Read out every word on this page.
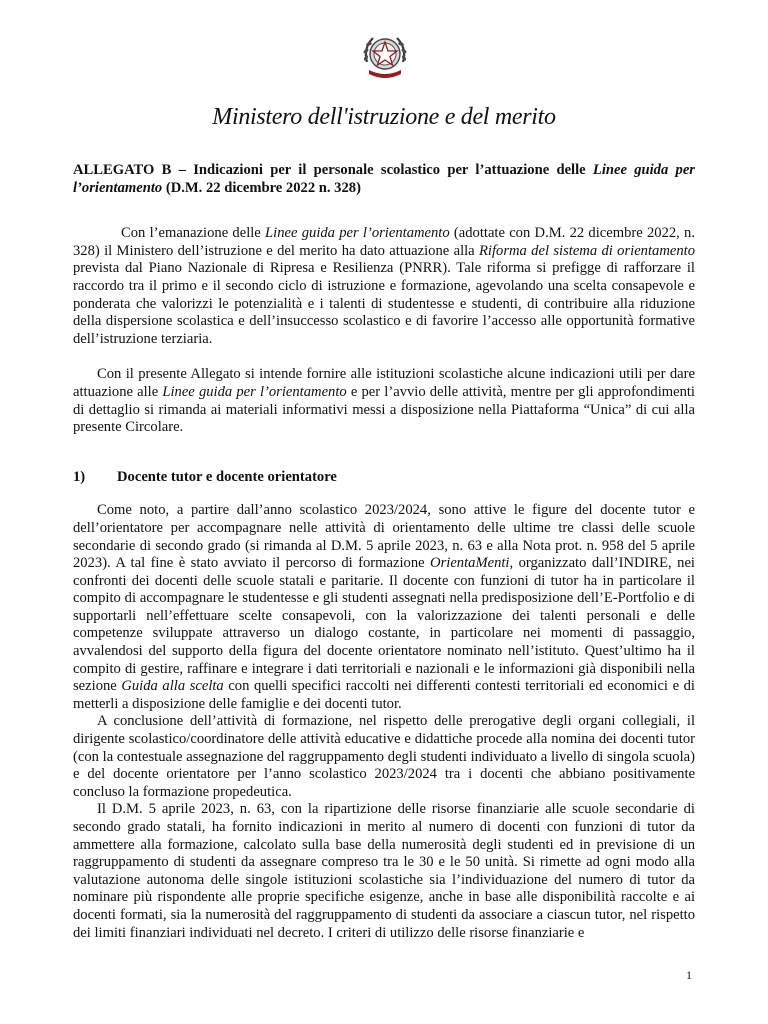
Ministero dell'istruzione e del merito

ALLEGATO B – Indicazioni per il personale scolastico per l’attuazione delle Linee guida per l’orientamento (D.M. 22 dicembre 2022 n. 328)

Con l’emanazione delle Linee guida per l’orientamento (adottate con D.M. 22 dicembre 2022, n. 328) il Ministero dell’istruzione e del merito ha dato attuazione alla Riforma del sistema di orientamento prevista dal Piano Nazionale di Ripresa e Resilienza (PNRR). Tale riforma si prefigge di rafforzare il raccordo tra il primo e il secondo ciclo di istruzione e formazione, agevolando una scelta consapevole e ponderata che valorizzi le potenzialità e i talenti di studentesse e studenti, di contribuire alla riduzione della dispersione scolastica e dell’insuccesso scolastico e di favorire l’accesso alle opportunità formative dell’istruzione terziaria.

Con il presente Allegato si intende fornire alle istituzioni scolastiche alcune indicazioni utili per dare attuazione alle Linee guida per l’orientamento e per l’avvio delle attività, mentre per gli approfondimenti di dettaglio si rimanda ai materiali informativi messi a disposizione nella Piattaforma “Unica” di cui alla presente Circolare.

1) Docente tutor e docente orientatore

Come noto, a partire dall’anno scolastico 2023/2024, sono attive le figure del docente tutor e dell’orientatore per accompagnare nelle attività di orientamento delle ultime tre classi delle scuole secondarie di secondo grado (si rimanda al D.M. 5 aprile 2023, n. 63 e alla Nota prot. n. 958 del 5 aprile 2023). A tal fine è stato avviato il percorso di formazione OrientaMenti, organizzato dall’INDIRE, nei confronti dei docenti delle scuole statali e paritarie. Il docente con funzioni di tutor ha in particolare il compito di accompagnare le studentesse e gli studenti assegnati nella predisposizione dell’E-Portfolio e di supportarli nell’effettuare scelte consapevoli, con la valorizzazione dei talenti personali e delle competenze sviluppate attraverso un dialogo costante, in particolare nei momenti di passaggio, avvalendosi del supporto della figura del docente orientatore nominato nell’istituto. Quest’ultimo ha il compito di gestire, raffinare e integrare i dati territoriali e nazionali e le informazioni già disponibili nella sezione Guida alla scelta con quelli specifici raccolti nei differenti contesti territoriali ed economici e di metterli a disposizione delle famiglie e dei docenti tutor.

A conclusione dell’attività di formazione, nel rispetto delle prerogative degli organi collegiali, il dirigente scolastico/coordinatore delle attività educative e didattiche procede alla nomina dei docenti tutor (con la contestuale assegnazione del raggruppamento degli studenti individuato a livello di singola scuola) e del docente orientatore per l’anno scolastico 2023/2024 tra i docenti che abbiano positivamente concluso la formazione propedeutica.

Il D.M. 5 aprile 2023, n. 63, con la ripartizione delle risorse finanziarie alle scuole secondarie di secondo grado statali, ha fornito indicazioni in merito al numero di docenti con funzioni di tutor da ammettere alla formazione, calcolato sulla base della numerosità degli studenti ed in previsione di un raggruppamento di studenti da assegnare compreso tra le 30 e le 50 unità. Si rimette ad ogni modo alla valutazione autonoma delle singole istituzioni scolastiche sia l’individuazione del numero di tutor da nominare più rispondente alle proprie specifiche esigenze, anche in base alle disponibilità raccolte e ai docenti formati, sia la numerosità del raggruppamento di studenti da associare a ciascun tutor, nel rispetto dei limiti finanziari individuati nel decreto. I criteri di utilizzo delle risorse finanziarie e

1
